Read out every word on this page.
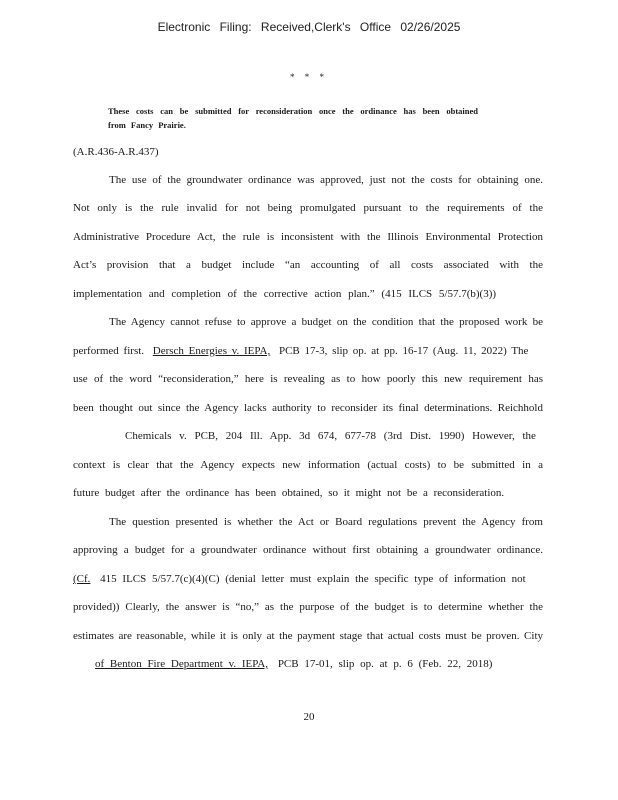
Electronic Filing: Received,Clerk's Office 02/26/2025
* * *
These costs can be submitted for reconsideration once the ordinance has been obtained from Fancy Prairie.
(A.R.436-A.R.437)
The use of the groundwater ordinance was approved, just not the costs for obtaining one.
Not only is the rule invalid for not being promulgated pursuant to the requirements of the
Administrative Procedure Act, the rule is inconsistent with the Illinois Environmental Protection
Act’s provision that a budget include “an accounting of all costs associated with the
implementation and completion of the corrective action plan.” (415 ILCS 5/57.7(b)(3))
The Agency cannot refuse to approve a budget on the condition that the proposed work be
performed first. Dersch Energies v. IEPA, PCB 17-3, slip op. at pp. 16-17 (Aug. 11, 2022) The
use of the word “reconsideration,” here is revealing as to how poorly this new requirement has
been thought out since the Agency lacks authority to reconsider its final determinations. Reichhold
Chemicals v. PCB, 204 Ill. App. 3d 674, 677-78 (3rd Dist. 1990) However, the
context is clear that the Agency expects new information (actual costs) to be submitted in a
future budget after the ordinance has been obtained, so it might not be a reconsideration.
The question presented is whether the Act or Board regulations prevent the Agency from
approving a budget for a groundwater ordinance without first obtaining a groundwater ordinance.
(Cf. 415 ILCS 5/57.7(c)(4)(C) (denial letter must explain the specific type of information not
provided)) Clearly, the answer is “no,” as the purpose of the budget is to determine whether the
estimates are reasonable, while it is only at the payment stage that actual costs must be proven. City
of Benton Fire Department v. IEPA, PCB 17-01, slip op. at p. 6 (Feb. 22, 2018)
20
